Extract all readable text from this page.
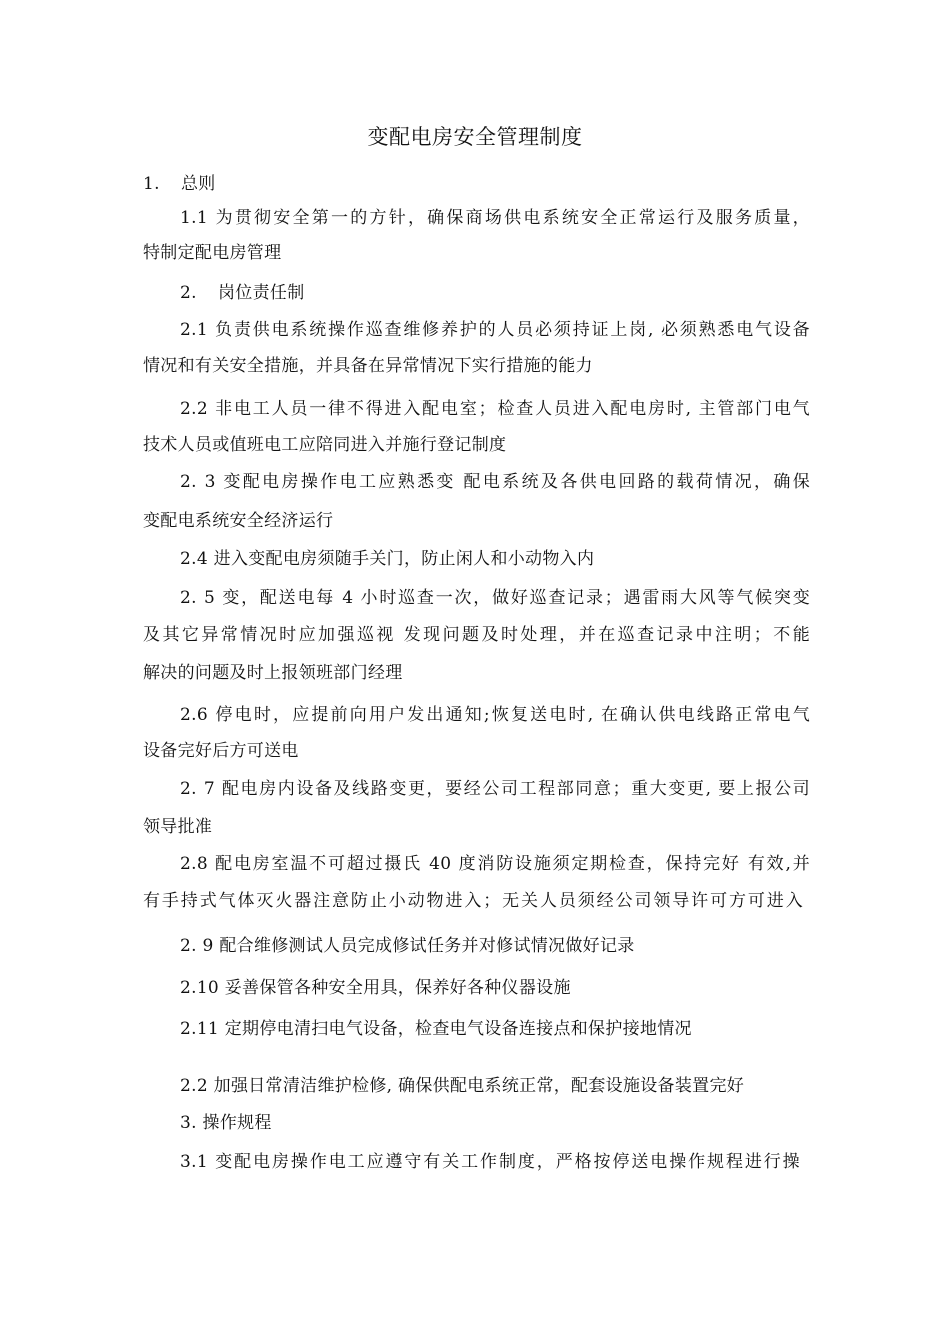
变配电房安全管理制度
1. 总则
1.1 为贯彻安全第一的方针，确保商场供电系统安全正常运行及服务质量，
特制定配电房管理
2. 岗位责任制
2.1 负责供电系统操作巡查维修养护的人员必须持证上岗, 必须熟悉电气设备
情况和有关安全措施，并具备在异常情况下实行措施的能力
2.2 非电工人员一律不得进入配电室；检查人员进入配电房时, 主管部门电气
技术人员或值班电工应陪同进入并施行登记制度
2. 3 变配电房操作电工应熟悉变 配电系统及各供电回路的载荷情况，确保
变配电系统安全经济运行
2.4 进入变配电房须随手关门，防止闲人和小动物入内
2. 5 变，配送电每 4 小时巡查一次，做好巡查记录；遇雷雨大风等气候突变
及其它异常情况时应加强巡视 发现问题及时处理，并在巡查记录中注明；不能
解决的问题及时上报领班部门经理
2.6 停电时，应提前向用户发出通知;恢复送电时, 在确认供电线路正常电气
设备完好后方可送电
2. 7 配电房内设备及线路变更，要经公司工程部同意；重大变更, 要上报公司
领导批准
2.8 配电房室温不可超过摄氏 40 度消防设施须定期检查，保持完好 有效,并
有手持式气体灭火器注意防止小动物进入；无关人员须经公司领导许可方可进入
2. 9 配合维修测试人员完成修试任务并对修试情况做好记录
2.10 妥善保管各种安全用具，保养好各种仪器设施
2.11 定期停电清扫电气设备，检查电气设备连接点和保护接地情况
2.2 加强日常清洁维护检修, 确保供配电系统正常，配套设施设备装置完好
3. 操作规程
3.1 变配电房操作电工应遵守有关工作制度，严格按停送电操作规程进行操
